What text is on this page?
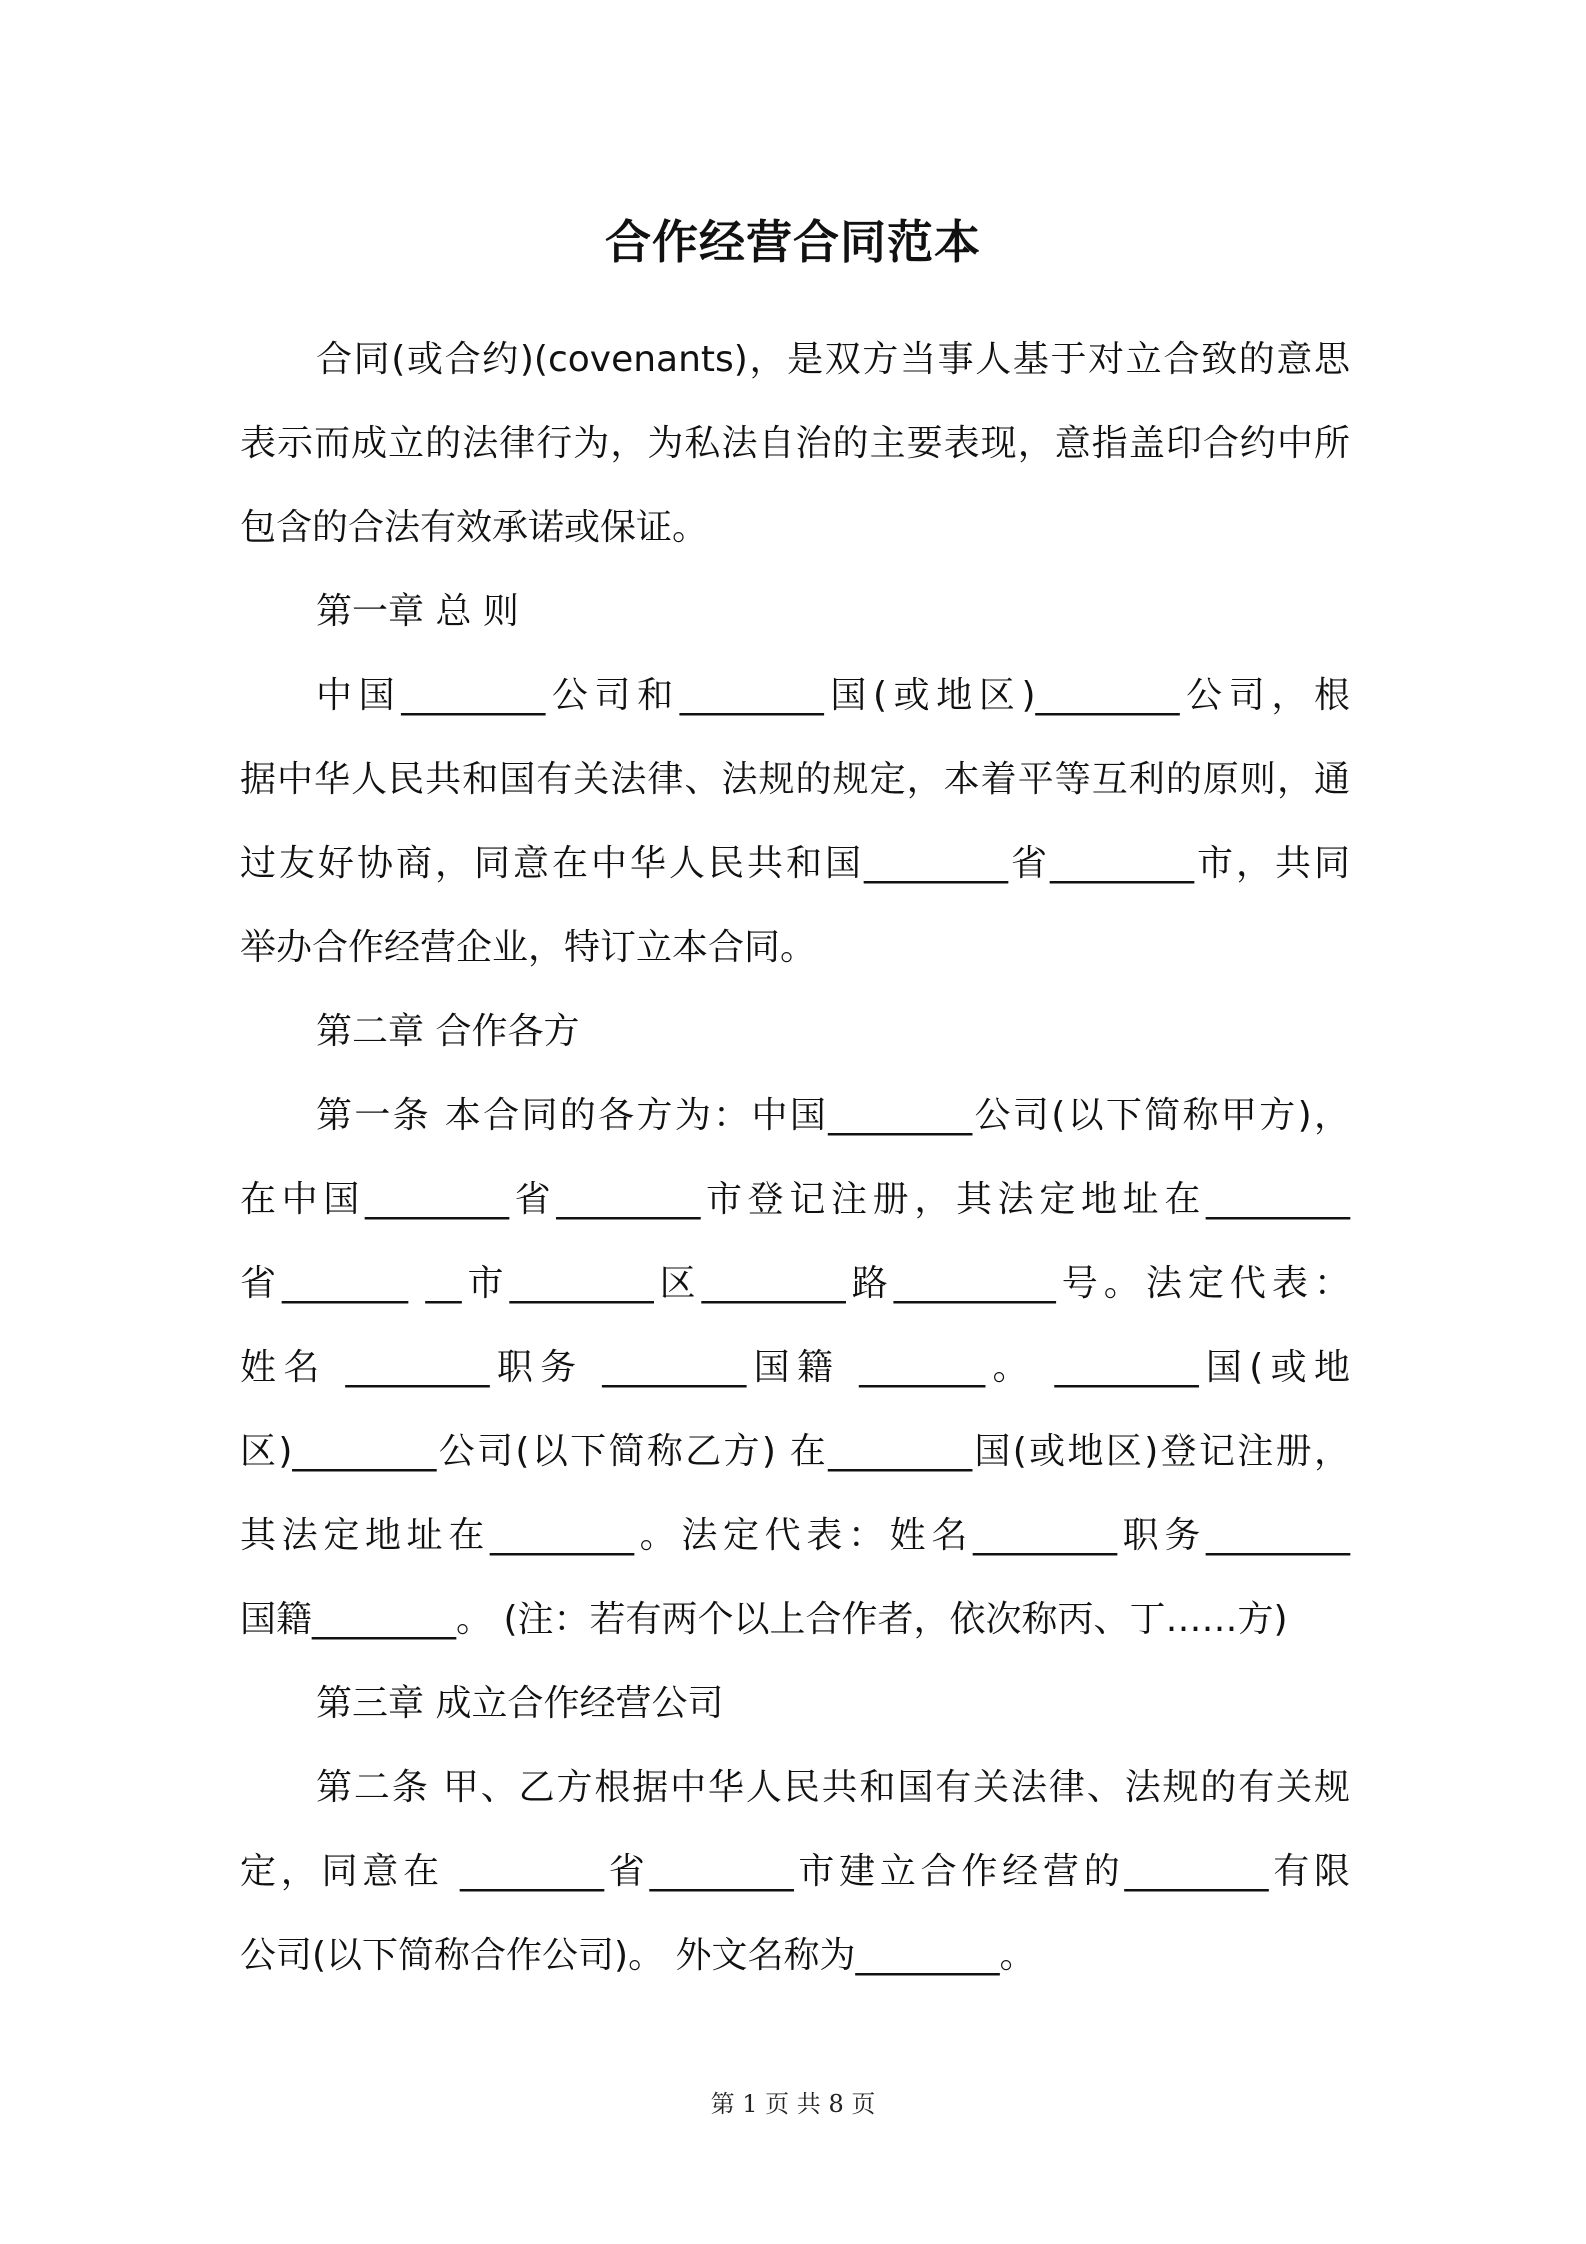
合作经营合同范本
合同(或合约)(covenants)，是双方当事人基于对立合致的意思
表示而成立的法律行为，为私法自治的主要表现，意指盖印合约中所
包含的合法有效承诺或保证。
第一章 总 则
中国________公司和________国(或地区)________公司，根
据中华人民共和国有关法律、法规的规定，本着平等互利的原则，通
过友好协商，同意在中华人民共和国________省________市，共同
举办合作经营企业，特订立本合同。
第二章 合作各方
第一条 本合同的各方为：中国________公司(以下简称甲方)，
在中国________省________市登记注册，其法定地址在________
省_______ __市________区________路_________号。法定代表：
姓名 ________职务 ________国籍 _______。 ________国(或地
区)________公司(以下简称乙方) 在________国(或地区)登记注册，
其法定地址在________。法定代表：姓名________职务________
国籍________。 (注：若有两个以上合作者，依次称丙、丁……方)
第三章 成立合作经营公司
第二条 甲、乙方根据中华人民共和国有关法律、法规的有关规
定，同意在 ________省________市建立合作经营的________有限
公司(以下简称合作公司)。 外文名称为________。
第 1 页 共 8 页
